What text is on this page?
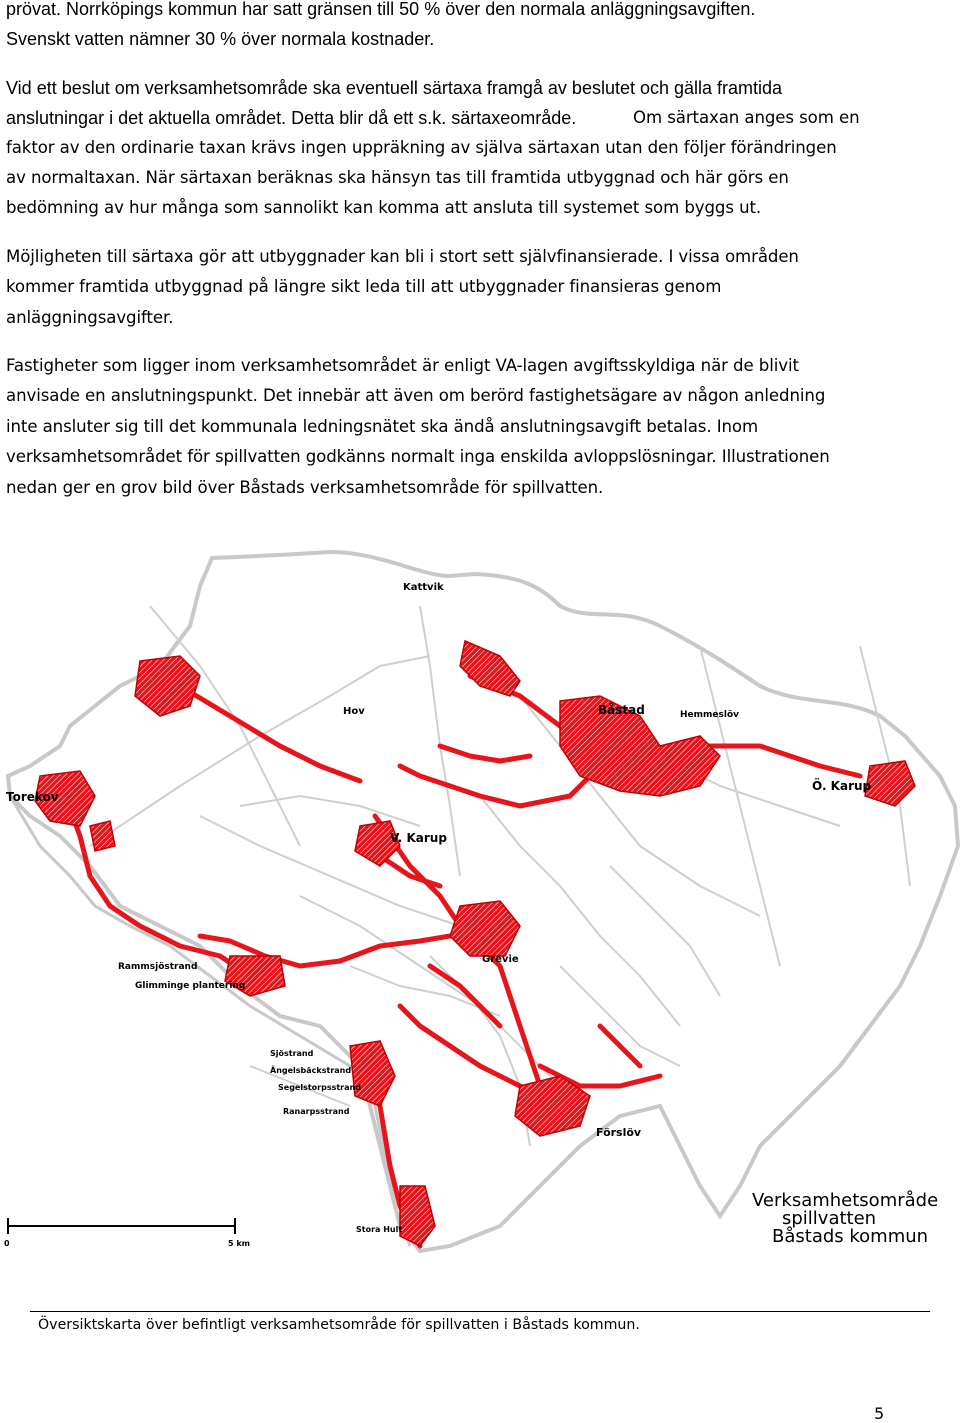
prövat. Norrköpings kommun har satt gränsen till 50 % över den normala anläggningsavgiften.
Svenskt vatten nämner 30 % över normala kostnader.
Vid ett beslut om verksamhetsområde ska eventuell särtaxa framgå av beslutet och gälla framtida
anslutningar i det aktuella området. Detta blir då ett s.k. särtaxeområde.	Om särtaxan anges som en
faktor av den ordinarie taxan krävs ingen uppräkning av själva särtaxan utan den följer förändringen
av normaltaxan. När särtaxan beräknas ska hänsyn tas till framtida utbyggnad och här görs en
bedömning av hur många som sannolikt kan komma att ansluta till systemet som byggs ut.
Möjligheten till särtaxa gör att utbyggnader kan bli i stort sett självfinansierade. I vissa områden
kommer framtida utbyggnad på längre sikt leda till att utbyggnader finansieras genom
anläggningsavgifter.
Fastigheter som ligger inom verksamhetsområdet är enligt VA-lagen avgiftsskyldiga när de blivit
anvisade en anslutningspunkt. Det innebär att även om berörd fastighetsägare av någon anledning
inte ansluter sig till det kommunala ledningsnätet ska ändå anslutningsavgift betalas. Inom
verksamhetsområdet för spillvatten godkänns normalt inga enskilda avloppslösningar. Illustrationen
nedan ger en grov bild över Båstads verksamhetsområde för spillvatten.
Kattvik
Hov	Båstad	Hemmeslöv
Torekov
Ö. Karup
V. Karup
Grevie
Rammsjöstrand
Glimminge plantering
Sjöstrand
Ängelsbäckstrand
Segelstorpsstrand
Ranarpsstrand
Förslöv
Stora Hult
0	5 km
Verksamhetsområde
spillvatten
Båstads kommun
Översiktskarta över befintligt verksamhetsområde för spillvatten i Båstads kommun.
5
